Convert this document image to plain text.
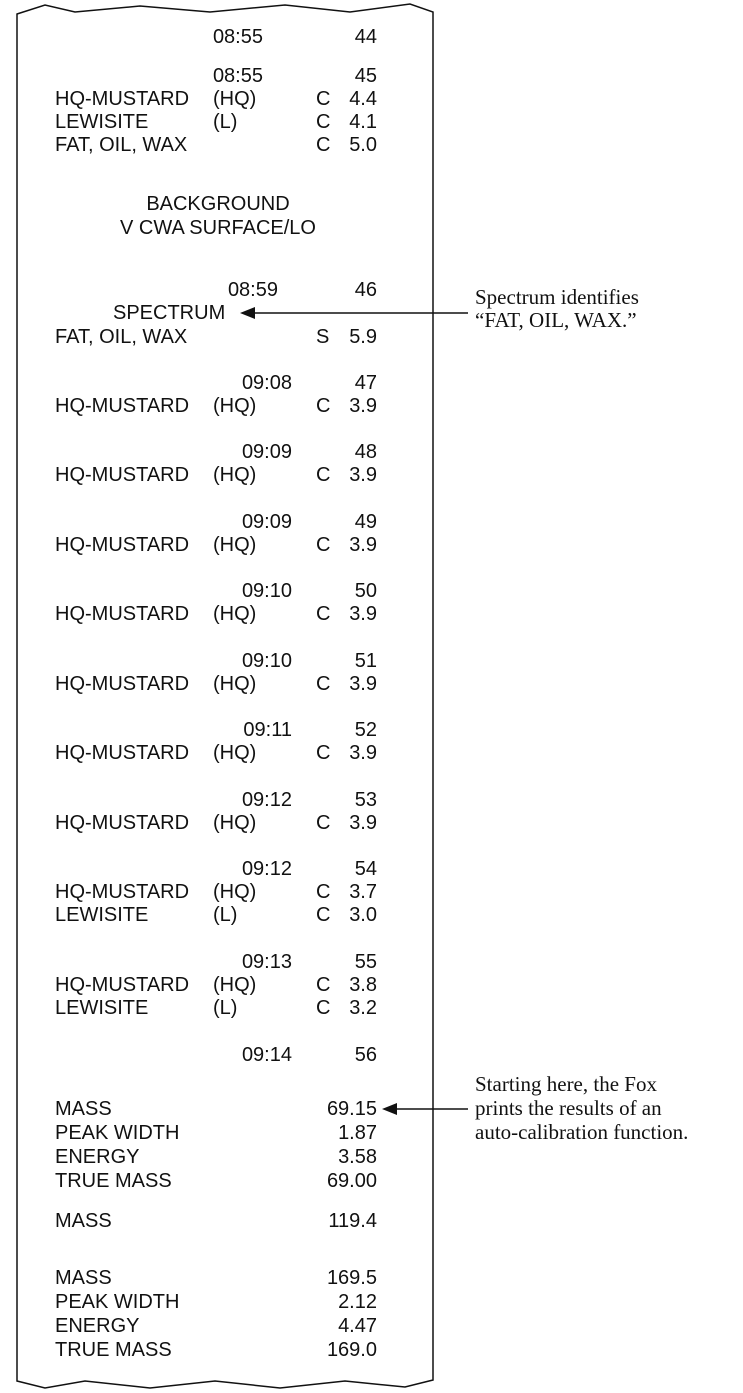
08:55	44
08:55	45
HQ-MUSTARD (HQ)	C 4.4
LEWISITE	(L)	C 4.1
FAT, OIL, WAX	C 5.0
BACKGROUND
V CWA SURFACE/LO
08:59	46
SPECTRUM
FAT, OIL, WAX	S 5.9
09:08	47
HQ-MUSTARD (HQ)	C 3.9
09:09	48
HQ-MUSTARD (HQ)	C 3.9
09:09	49
HQ-MUSTARD (HQ)	C 3.9
09:10	50
HQ-MUSTARD (HQ)	C 3.9
09:10	51
HQ-MUSTARD (HQ)	C 3.9
09:11	52
HQ-MUSTARD (HQ)	C 3.9
09:12	53
HQ-MUSTARD (HQ)	C 3.9
09:12	54
HQ-MUSTARD (HQ)	C 3.7
LEWISITE	(L)	C 3.0
09:13	55
HQ-MUSTARD (HQ)	C 3.8
LEWISITE	(L)	C 3.2
09:14	56
MASS	69.15
PEAK WIDTH	1.87
ENERGY	3.58
TRUE MASS	69.00
MASS	119.4
MASS	169.5
PEAK WIDTH	2.12
ENERGY	4.47
TRUE MASS	169.0
Spectrum identifies
“FAT, OIL, WAX.”
Starting here, the Fox
prints the results of an
auto-calibration function.
